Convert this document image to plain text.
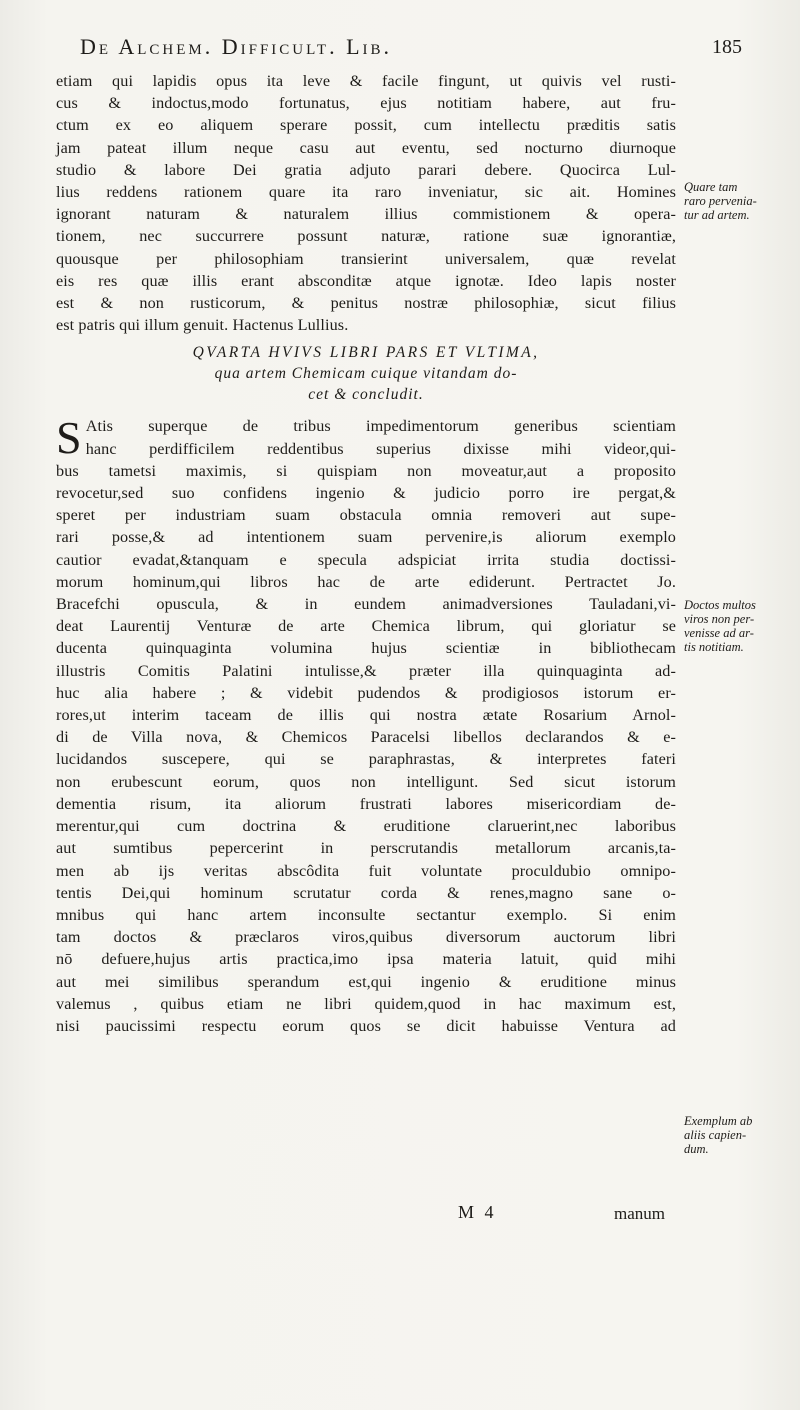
De Alchem. Difficult. Lib.	185

etiam qui lapidis opus ita leve & facile fingunt, ut quivis vel rusti-

cus & indoctus,modo fortunatus, ejus notitiam habere, aut fru-

ctum ex eo aliquem sperare possit, cum intellectu præditis satis

jam pateat illum neque casu aut eventu, sed nocturno diurnoque

studio & labore Dei gratia adjuto parari debere. Quocirca Lul-

lius reddens rationem quare ita raro inveniatur, sic ait. Homines

ignorant naturam & naturalem illius commistionem & opera-

tionem, nec succurrere possunt naturæ, ratione suæ ignorantiæ,

quousque per philosophiam transierint universalem, quæ revelat

eis res quæ illis erant absconditæ atque ignotæ. Ideo lapis noster

est & non rusticorum, & penitus nostræ philosophiæ, sicut filius

est patris qui illum genuit. Hactenus Lullius.

QVARTA HVIVS LIBRI PARS ET VLTIMA,
qua artem Chemicam cuique vitandam do-
cet & concludit.
S Atis superque de tribus impedimentorum generibus scientiam

hanc perdifficilem reddentibus superius dixisse mihi videor,qui-

bus tametsi maximis, si quispiam non moveatur,aut a proposito

revocetur,sed suo confidens ingenio & judicio porro ire pergat,&

speret per industriam suam obstacula omnia removeri aut supe-

rari posse,& ad intentionem suam pervenire,is aliorum exemplo

cautior evadat,&tanquam e specula adspiciat irrita studia doctissi-

morum hominum,qui libros hac de arte ediderunt. Pertractet Jo.

Bracefchi opuscula, & in eundem animadversiones Tauladani,vi-

deat Laurentij Venturæ de arte Chemica librum, qui gloriatur se

ducenta quinquaginta volumina hujus scientiæ in bibliothecam

illustris Comitis Palatini intulisse,& præter illa quinquaginta ad-

huc alia habere ; & videbit pudendos & prodigiosos istorum er-

rores,ut interim taceam de illis qui nostra ætate Rosarium Arnol-

di de Villa nova, & Chemicos Paracelsi libellos declarandos & e-

lucidandos suscepere, qui se paraphrastas, & interpretes fateri

non erubescunt eorum, quos non intelligunt. Sed sicut istorum

dementia risum, ita aliorum frustrati labores misericordiam de-

merentur,qui cum doctrina & eruditione claruerint,nec laboribus

aut sumtibus pepercerint in perscrutandis metallorum arcanis,ta-

men ab ijs veritas abscôdita fuit voluntate proculdubio omnipo-

tentis Dei,qui hominum scrutatur corda & renes,magno sane o-

mnibus qui hanc artem inconsulte sectantur exemplo. Si enim

tam doctos & præclaros viros,quibus diversorum auctorum libri

nō defuere,hujus artis practica,imo ipsa materia latuit, quid mihi

aut mei similibus sperandum est,qui ingenio & eruditione minus

valemus , quibus etiam ne libri quidem,quod in hac maximum est,

nisi paucissimi respectu eorum quos se dicit habuisse Ventura ad

Quare tam
raro pervenia-
tur ad artem.
Doctos multos
viros non per-
venisse ad ar-
tis notitiam.
Exemplum ab
aliis capien-
dum.
M 4	manum
